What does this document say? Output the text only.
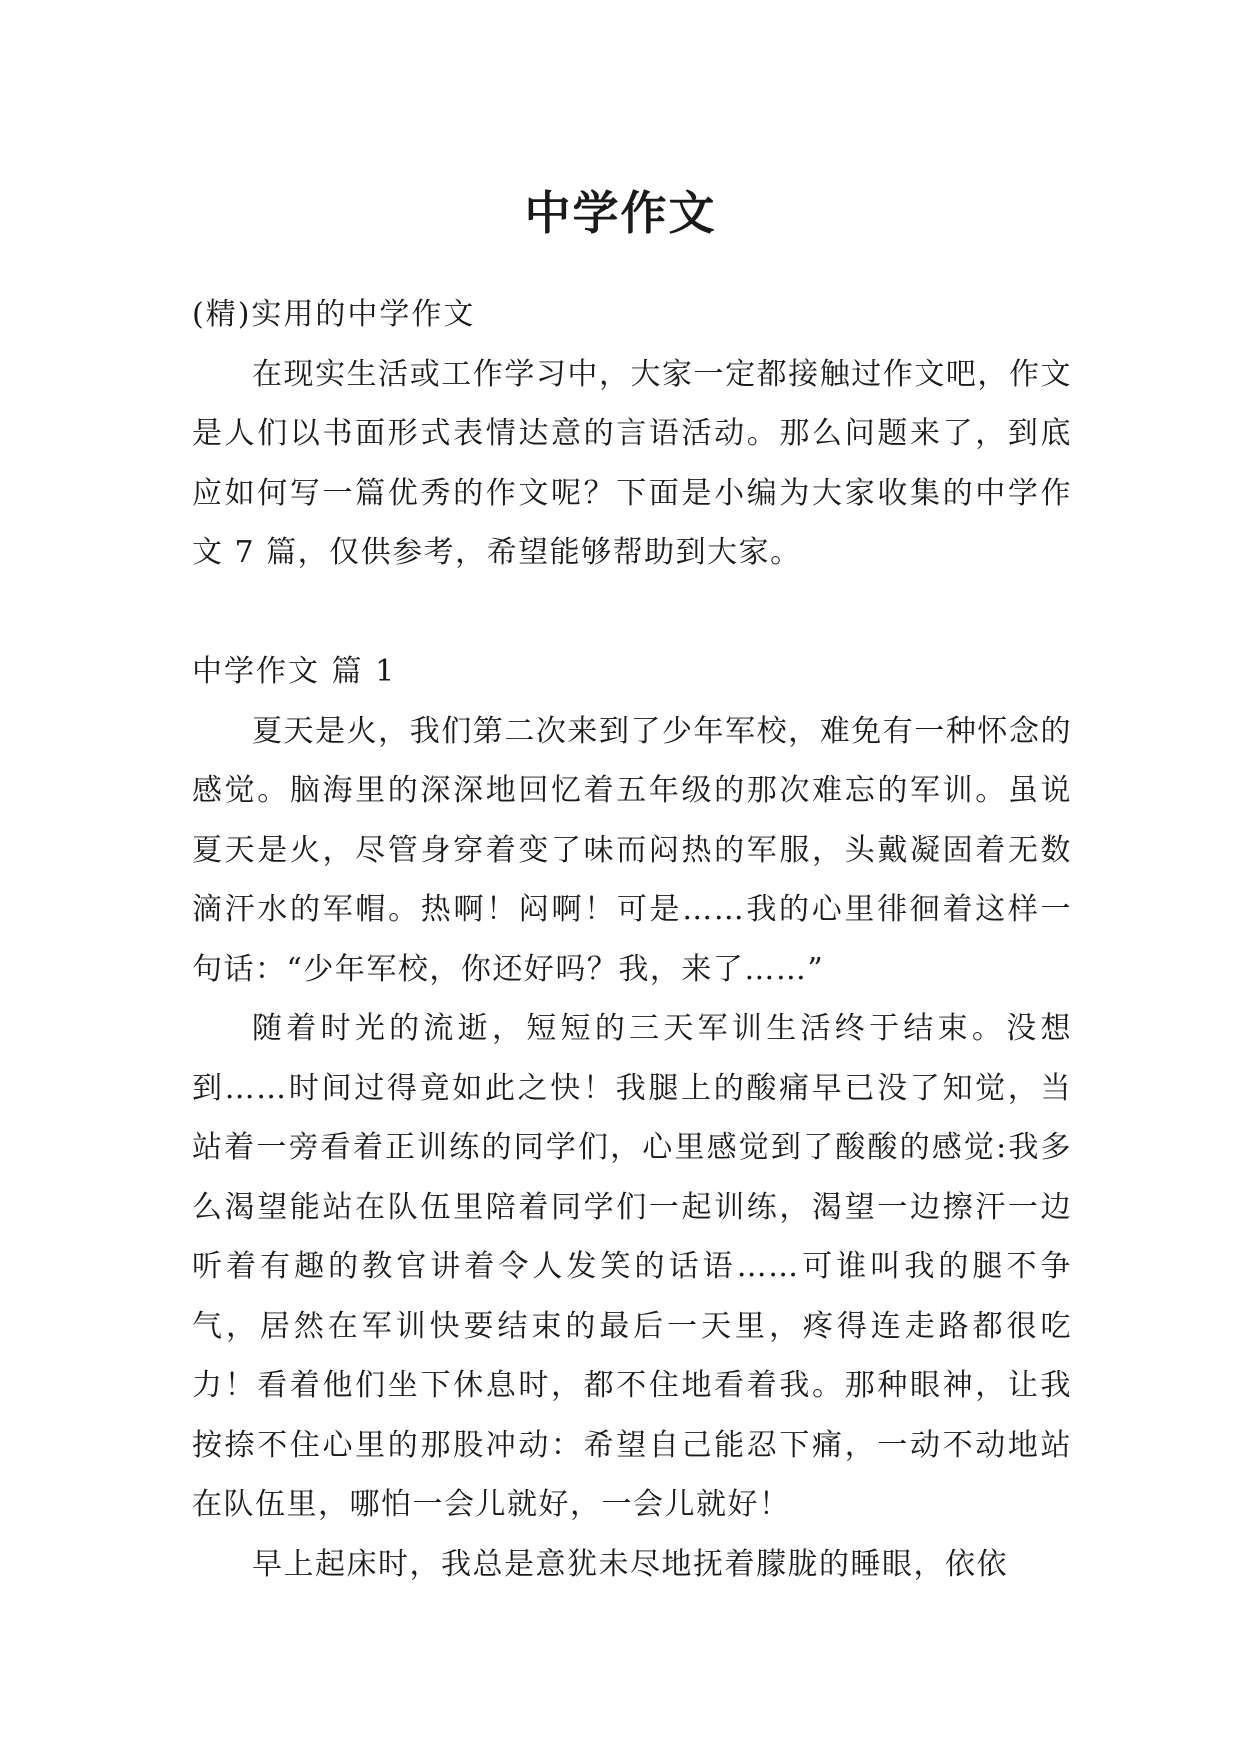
中学作文

(精)实用的中学作文

在现实生活或工作学习中，大家一定都接触过作文吧，作文是人们以书面形式表情达意的言语活动。那么问题来了，到底应如何写一篇优秀的作文呢？下面是小编为大家收集的中学作文 7 篇，仅供参考，希望能够帮助到大家。

中学作文 篇 1

夏天是火，我们第二次来到了少年军校，难免有一种怀念的感觉。脑海里的深深地回忆着五年级的那次难忘的军训。虽说夏天是火，尽管身穿着变了味而闷热的军服，头戴凝固着无数滴汗水的军帽。热啊！闷啊！可是……我的心里徘徊着这样一句话：“少年军校，你还好吗？我，来了……”

随着时光的流逝，短短的三天军训生活终于结束。没想到……时间过得竟如此之快！我腿上的酸痛早已没了知觉，当站着一旁看着正训练的同学们，心里感觉到了酸酸的感觉:我多么渴望能站在队伍里陪着同学们一起训练，渴望一边擦汗一边听着有趣的教官讲着令人发笑的话语……可谁叫我的腿不争气，居然在军训快要结束的最后一天里，疼得连走路都很吃力！看着他们坐下休息时，都不住地看着我。那种眼神，让我按捺不住心里的那股冲动：希望自己能忍下痛，一动不动地站在队伍里，哪怕一会儿就好，一会儿就好！

早上起床时，我总是意犹未尽地抚着朦胧的睡眼，依依
